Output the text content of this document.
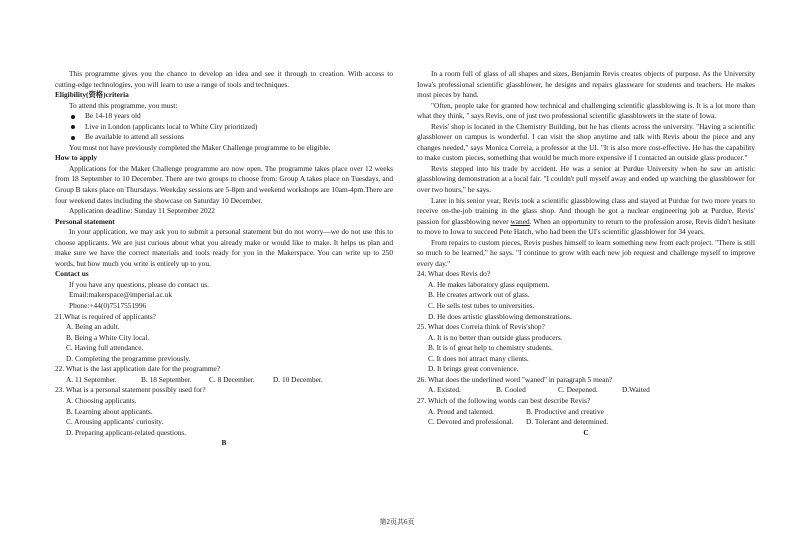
This programme gives you the chance to develop an idea and see it through to creation. With access to cutting-edge technologies, you will learn to use a range of tools and techniques.

Eligibility(资格)criteria

To attend this programme, you must:

Be 14-18 years old

Live in London (applicants local to White City prioritized)

Be available to attend all sessions

You must not have previously completed the Maker Challenge programme to be eligible.

How to apply

Applications for the Maker Challenge programme are now open. The programme takes place over 12 weeks from 18 September to 10 December. There are two groups to choose from: Group A takes place on Tuesdays, and Group B takes place on Thursdays. Weekday sessions are 5-8pm and weekend workshops are 10am-4pm.There are four weekend dates including the showcase on Saturday 10 December.

Application deadline: Sunday 11 September 2022

Personal statement

In your application, we may ask you to submit a personal statement but do not worry—we do not use this to choose applicants. We are just curious about what you already make or would like to make. It helps us plan and make sure we have the correct materials and tools ready for you in the Makerspace. You can write up to 250 words, but how much you write is entirely up to you.

Contact us

If you have any questions, please do contact us.

Email:makerspace@imperial.ac.uk

Phone:+44(0)7517551996

21.What is required of applicants?

A. Being an adult.

B. Being a White City local.

C. Having full attendance.

D. Completing the programme previously.

22. What is the last application date for the programme?

A. 11 September.	B. 18 September. C. 8 December. D. 10 December.

23. What is a personal statement possibly used for?

A. Choosing applicants.

B. Learning about applicants.

C. Arousing applicants' curiosity.

D. Preparing applicant-related questions.

B

In a room full of glass of all shapes and sizes, Benjamin Revis creates objects of purpose. As the University Iowa's professional scientific glassblower, he designs and repairs glassware for students and teachers. He makes most pieces by hand.

"Often, people take for granted how technical and challenging scientific glassblowing is. It is a lot more than what they think, " says Revis, one of just two professional scientific glassblowers in the state of Iowa.

Revis' shop is located in the Chemistry Building, but he has clients across the university. "Having a scientific glassblower on campus is wonderful. I can visit the shop anytime and talk with Revis about the piece and any changes needed," says Monica Correia, a professor at the UI. "It is also more cost-effective. He has the capability to make custom pieces, something that would be much more expensive if I contacted an outside glass producer."

Revis stepped into his trade by accident. He was a senior at Purdue University when he saw an artistic glassblowing demonstration at a local fair. "I couldn't pull myself away and ended up watching the glassblower for over two hours," he says.

Later in his senior year, Revis took a scientific glassblowing class and stayed at Purdue for two more years to receive on-the-job training in the glass shop. And though he got a nuclear engineering job at Purdue, Revis' passion for glassblowing never waned. When an opportunity to return to the profession arose, Revis didn't hesitate to move to Iowa to succeed Pete Hatch, who had been the UI's scientific glassblower for 34 years.

From repairs to custom pieces, Revis pushes himself to learn something new from each project. "There is still so much to be learned," he says. "I continue to grow with each new job request and challenge myself to improve every day."

24. What does Revis do?

A. He makes laboratory glass equipment.

B. He creates artwork out of glass.

C. He sells test tubes to universities.

D. He does artistic glassblowing demonstrations.

25. What does Correia think of Revis'shop?

A. It is no better than outside glass producers.

B. It is of great help to chemistry students.

C. It does not attract many clients.

D. It brings great convenience.

26. What does the underlined word "waned" in paragraph 5 mean?

A. Existed.	B. Cooled	C. Deepened.	D.Waited

27. Which of the following words can best describe Revis?

A. Proud and talented.	B. Productive and creative

C. Devoted and professional. D. Tolerant and determined.

C

第2页共6页
